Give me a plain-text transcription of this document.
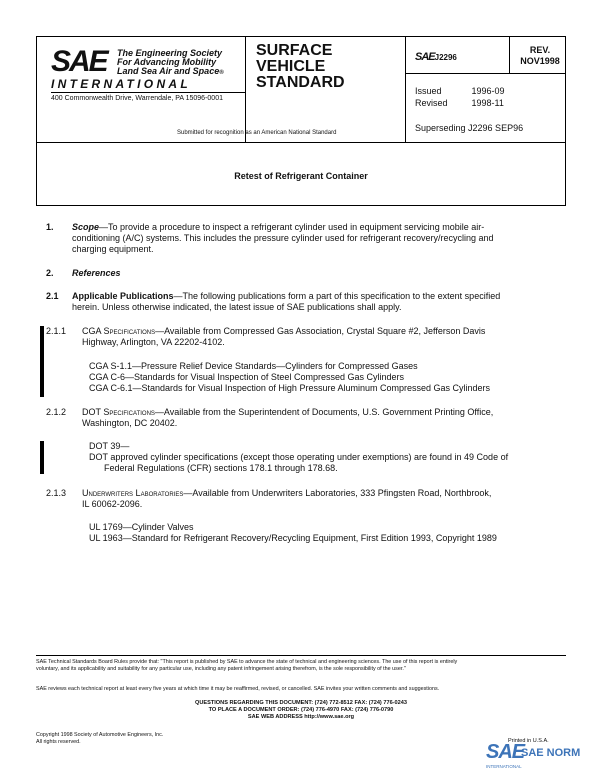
SAE The Engineering Society
For Advancing Mobility
Land Sea Air and Space®
INTERNATIONAL
400 Commonwealth Drive, Warrendale, PA 15096-0001
SURFACE
VEHICLE
STANDARD
Submitted for recognition as an American National Standard
SAEJ2296
REV.
NOV1998
Issued	1996-09
Revised	1998-11
Superseding J2296 SEP96
Retest of Refrigerant Container
1. Scope—To provide a procedure to inspect a refrigerant cylinder used in equipment servicing mobile air-
conditioning (A/C) systems. This includes the pressure cylinder used for refrigerant recovery/recycling and
charging equipment.
2. References
2.1 Applicable Publications—The following publications form a part of this specification to the extent specified
herein. Unless otherwise indicated, the latest issue of SAE publications shall apply.
2.1.1 CGA Specifications—Available from Compressed Gas Association, Crystal Square #2, Jefferson Davis
Highway, Arlington, VA 22202-4102.
CGA S-1.1—Pressure Relief Device Standards—Cylinders for Compressed Gases
CGA C-6—Standards for Visual Inspection of Steel Compressed Gas Cylinders
CGA C-6.1—Standards for Visual Inspection of High Pressure Aluminum Compressed Gas Cylinders
2.1.2 DOT Specifications—Available from the Superintendent of Documents, U.S. Government Printing Office,
Washington, DC 20402.
DOT 39—
DOT approved cylinder specifications (except those operating under exemptions) are found in 49 Code of
Federal Regulations (CFR) sections 178.1 through 178.68.
2.1.3 Underwriters Laboratories—Available from Underwriters Laboratories, 333 Pfingsten Road, Northbrook,
IL 60062-2096.
UL 1769—Cylinder Valves
UL 1963—Standard for Refrigerant Recovery/Recycling Equipment, First Edition 1993, Copyright 1989
SAE Technical Standards Board Rules provide that: "This report is published by SAE to advance the state of technical and engineering sciences. The use of this report is entirely
voluntary, and its applicability and suitability for any particular use, including any patent infringement arising therefrom, is the sole responsibility of the user."
SAE reviews each technical report at least every five years at which time it may be reaffirmed, revised, or cancelled. SAE invites your written comments and suggestions.
QUESTIONS REGARDING THIS DOCUMENT: (724) 772-8512 FAX: (724) 776-0243
TO PLACE A DOCUMENT ORDER: (724) 776-4970 FAX: (724) 776-0790
SAE WEB ADDRESS http://www.sae.org
Copyright 1998 Society of Automotive Engineers, Inc.
All rights reserved.	Printed in U.S.A.
SAE
SAE NORM
INTERNATIONAL
